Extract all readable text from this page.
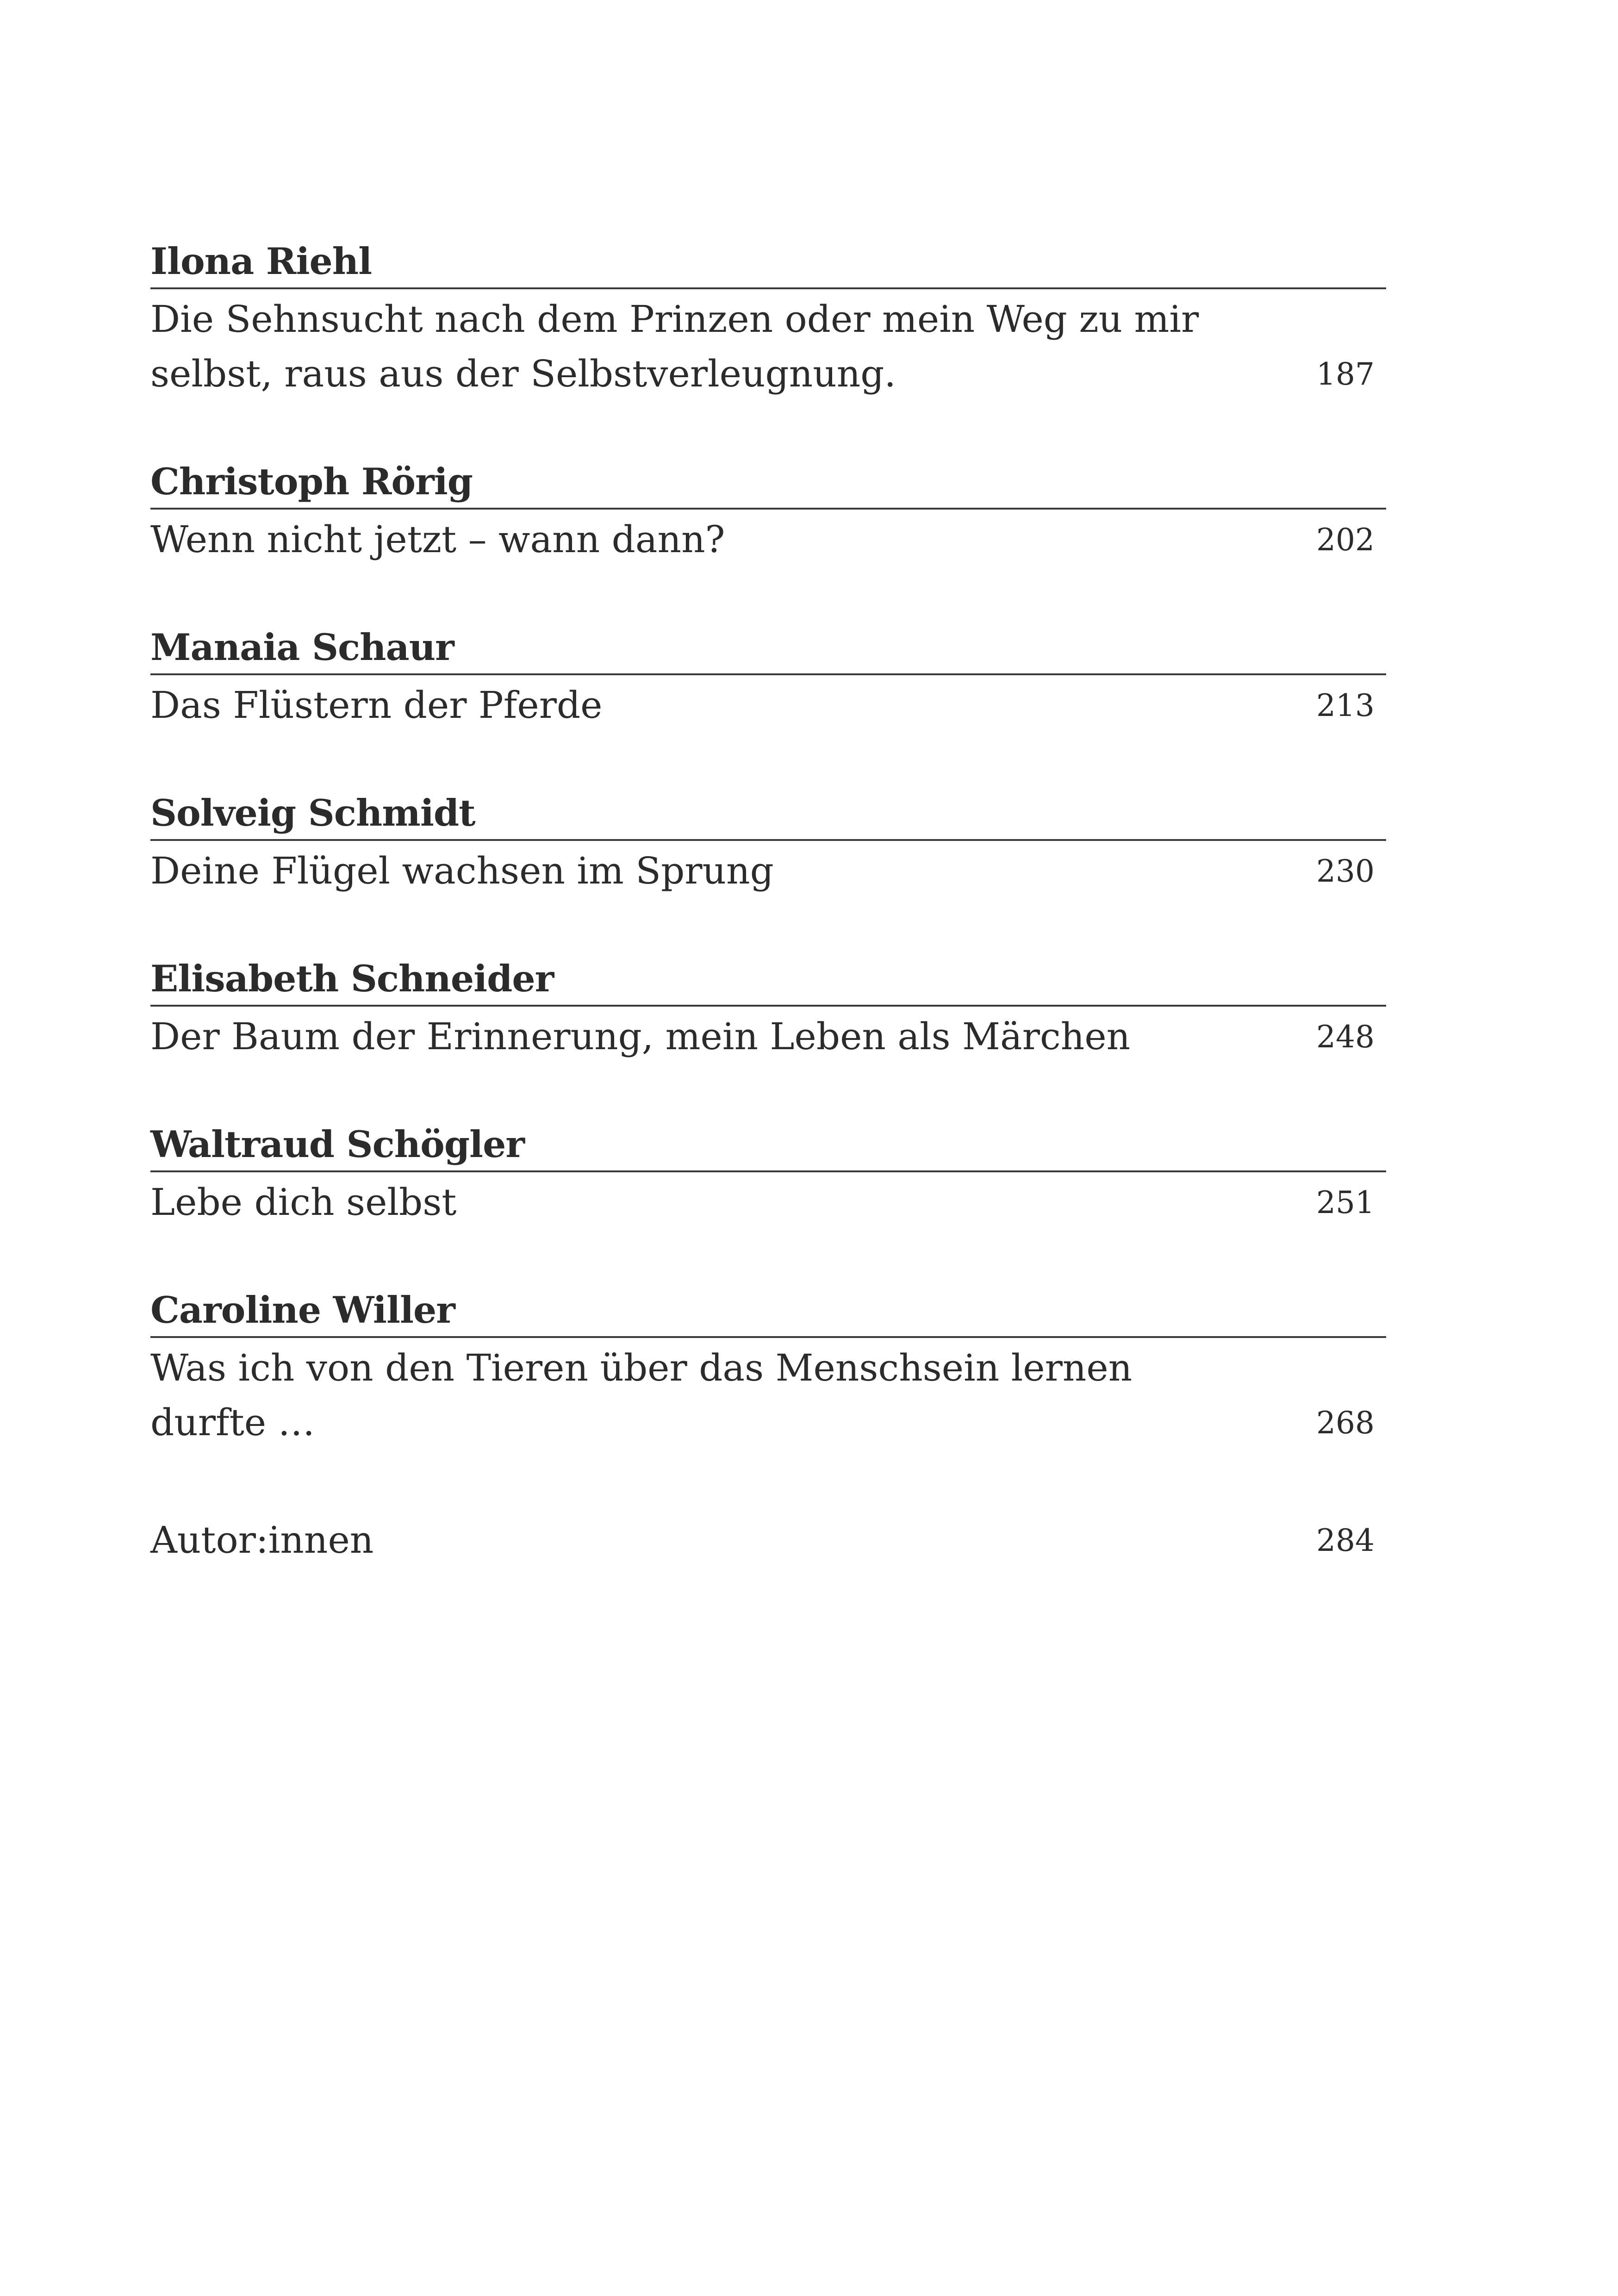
Ilona Riehl
Die Sehnsucht nach dem Prinzen oder mein Weg zu mir selbst, raus aus der Selbstverleugnung.	187
Christoph Rörig
Wenn nicht jetzt – wann dann?	202
Manaia Schaur
Das Flüstern der Pferde	213
Solveig Schmidt
Deine Flügel wachsen im Sprung	230
Elisabeth Schneider
Der Baum der Erinnerung, mein Leben als Märchen	248
Waltraud Schögler
Lebe dich selbst	251
Caroline Willer
Was ich von den Tieren über das Menschsein lernen durfte …	268
Autor:innen	284
